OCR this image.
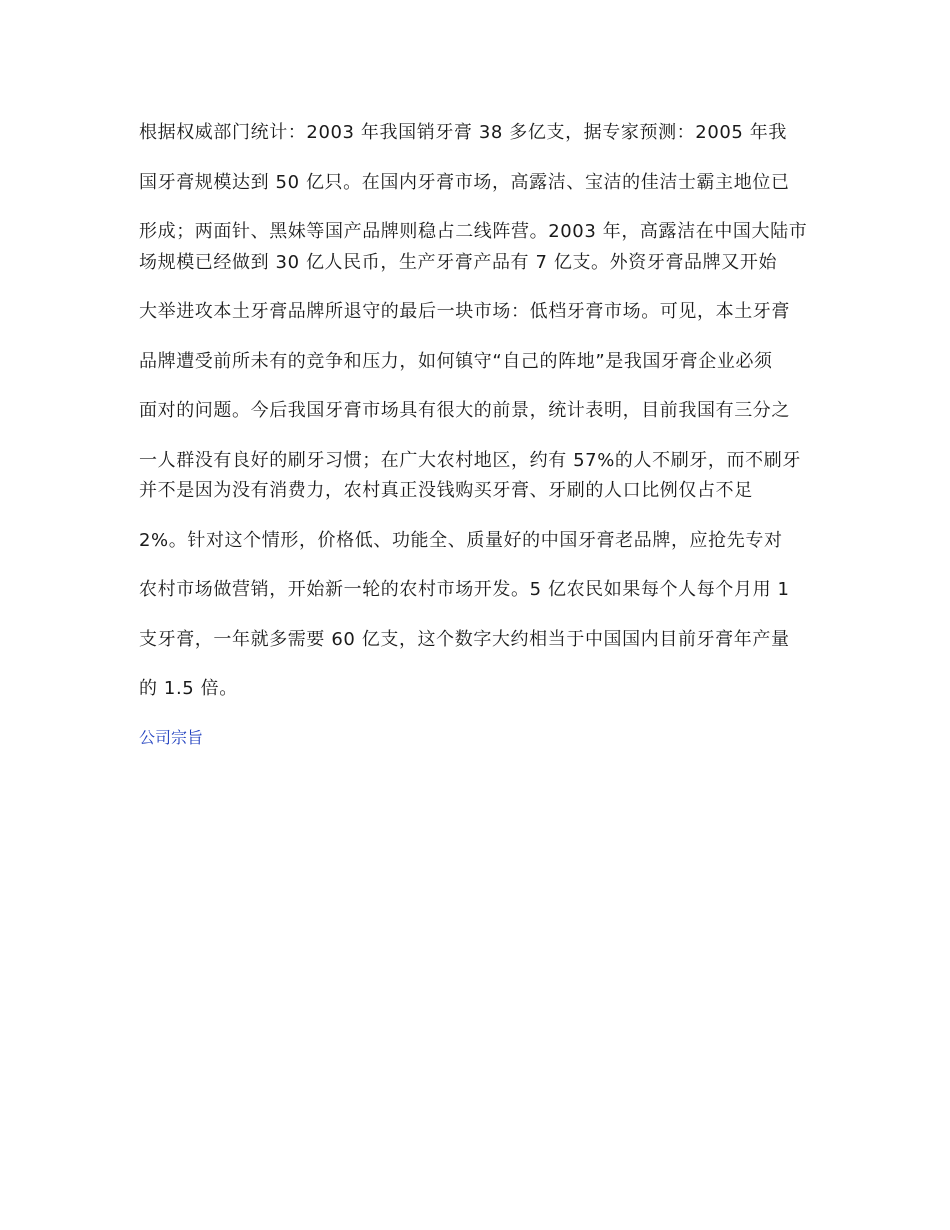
根据权威部门统计：2003 年我国销牙膏 38 多亿支，据专家预测：2005 年我

国牙膏规模达到 50 亿只。在国内牙膏市场，高露洁、宝洁的佳洁士霸主地位已

形成；两面针、黑妹等国产品牌则稳占二线阵营。2003 年，高露洁在中国大陆市场规模已经做到 30 亿人民币，生产牙膏产品有 7 亿支。外资牙膏品牌又开始

大举进攻本土牙膏品牌所退守的最后一块市场：低档牙膏市场。可见，本土牙膏

品牌遭受前所未有的竞争和压力，如何镇守“自己的阵地”是我国牙膏企业必须

面对的问题。今后我国牙膏市场具有很大的前景，统计表明，目前我国有三分之

一人群没有良好的刷牙习惯；在广大农村地区，约有 57%的人不刷牙，而不刷牙并不是因为没有消费力，农村真正没钱购买牙膏、牙刷的人口比例仅占不足

2%。针对这个情形，价格低、功能全、质量好的中国牙膏老品牌，应抢先专对

农村市场做营销，开始新一轮的农村市场开发。5 亿农民如果每个人每个月用 1

支牙膏，一年就多需要 60 亿支，这个数字大约相当于中国国内目前牙膏年产量

的 1.5 倍。

公司宗旨
